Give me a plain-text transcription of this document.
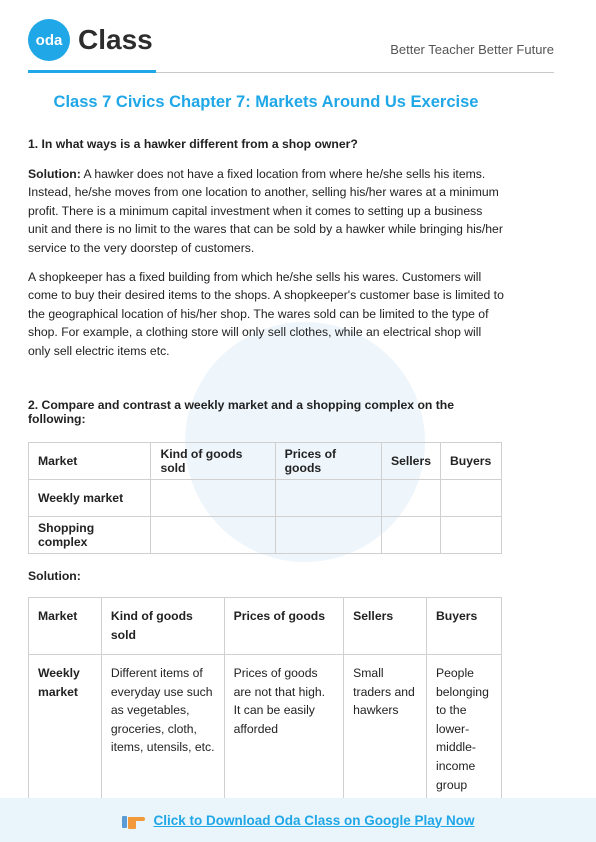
oda Class	Better Teacher Better Future
Class 7 Civics Chapter 7: Markets Around Us Exercise
1. In what ways is a hawker different from a shop owner?

Solution: A hawker does not have a fixed location from where he/she sells his items. Instead, he/she moves from one location to another, selling his/her wares at a minimum profit. There is a minimum capital investment when it comes to setting up a business unit and there is no limit to the wares that can be sold by a hawker while bringing his/her service to the very doorstep of customers.

A shopkeeper has a fixed building from which he/she sells his wares. Customers will come to buy their desired items to the shops. A shopkeeper's customer base is limited to the geographical location of his/her shop. The wares sold can be limited to the type of shop. For example, a clothing store will only sell clothes, while an electrical shop will only sell electric items etc.

2. Compare and contrast a weekly market and a shopping complex on the following:
Market	Kind of goods sold	Prices of goods	Sellers	Buyers
Weekly market				
Shopping complex				
Solution:
Market	Kind of goods sold	Prices of goods	Sellers	Buyers
Weekly market	Different items of everyday use such as vegetables, groceries, cloth, items, utensils, etc.	Prices of goods are not that high. It can be easily afforded	Small traders and hawkers	People belonging to the lower-middle-income group

Click to Download Oda Class on Google Play Now
